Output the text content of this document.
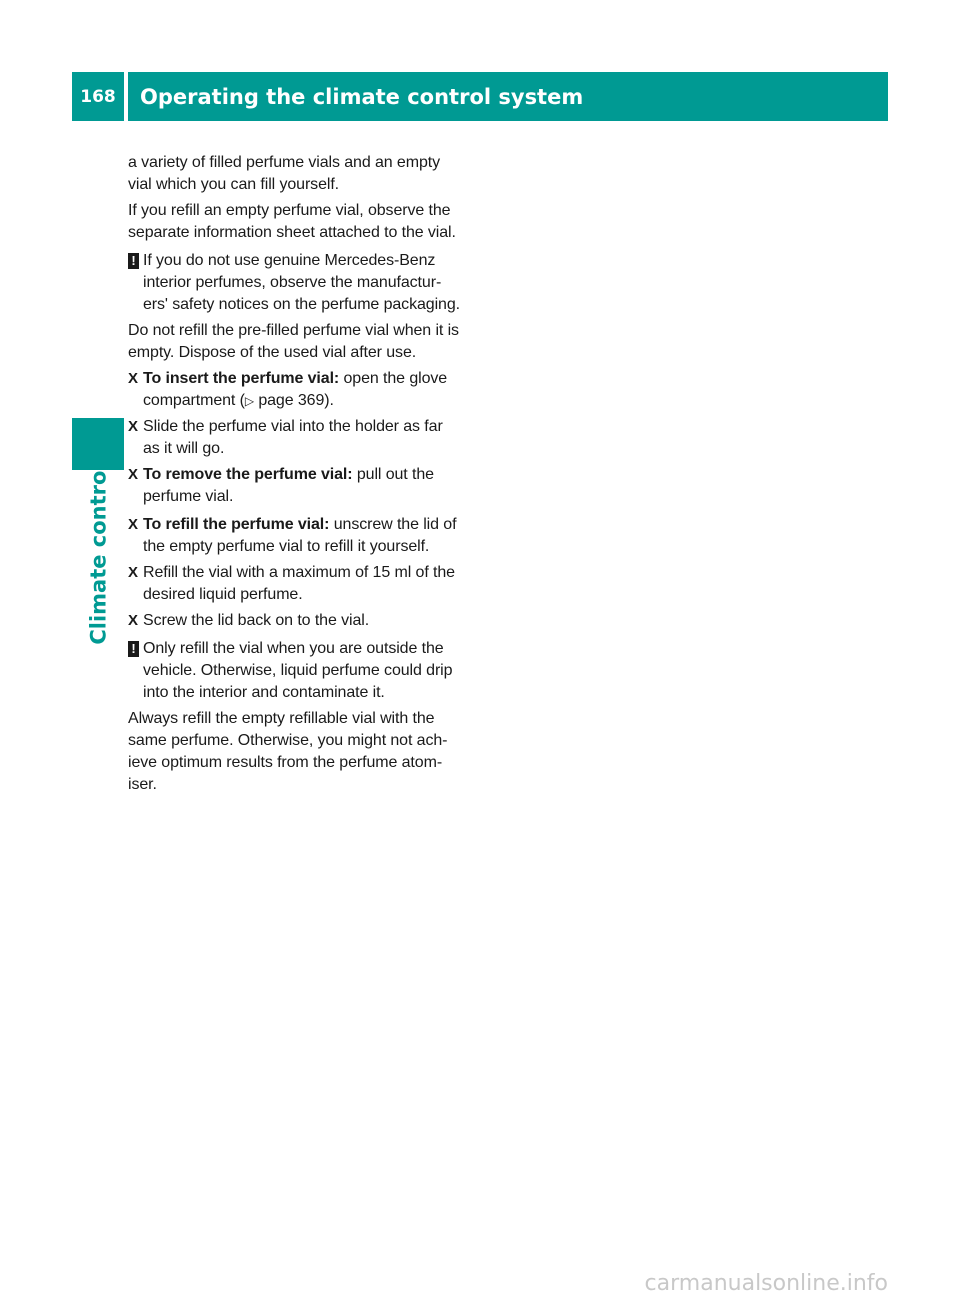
168	Operating the climate control system
Climate control

a variety of filled perfume vials and an empty vial which you can fill yourself.

If you refill an empty perfume vial, observe the separate information sheet attached to the vial.

! If you do not use genuine Mercedes-Benz interior perfumes, observe the manufacturers' safety notices on the perfume packaging.

Do not refill the pre-filled perfume vial when it is empty. Dispose of the used vial after use.

X To insert the perfume vial: open the glove compartment (▷ page 369).
X Slide the perfume vial into the holder as far as it will go.
X To remove the perfume vial: pull out the perfume vial.
X To refill the perfume vial: unscrew the lid of the empty perfume vial to refill it yourself.
X Refill the vial with a maximum of 15 ml of the desired liquid perfume.
X Screw the lid back on to the vial.
! Only refill the vial when you are outside the vehicle. Otherwise, liquid perfume could drip into the interior and contaminate it.

Always refill the empty refillable vial with the same perfume. Otherwise, you might not achieve optimum results from the perfume atomiser.

carmanualsonline.info
